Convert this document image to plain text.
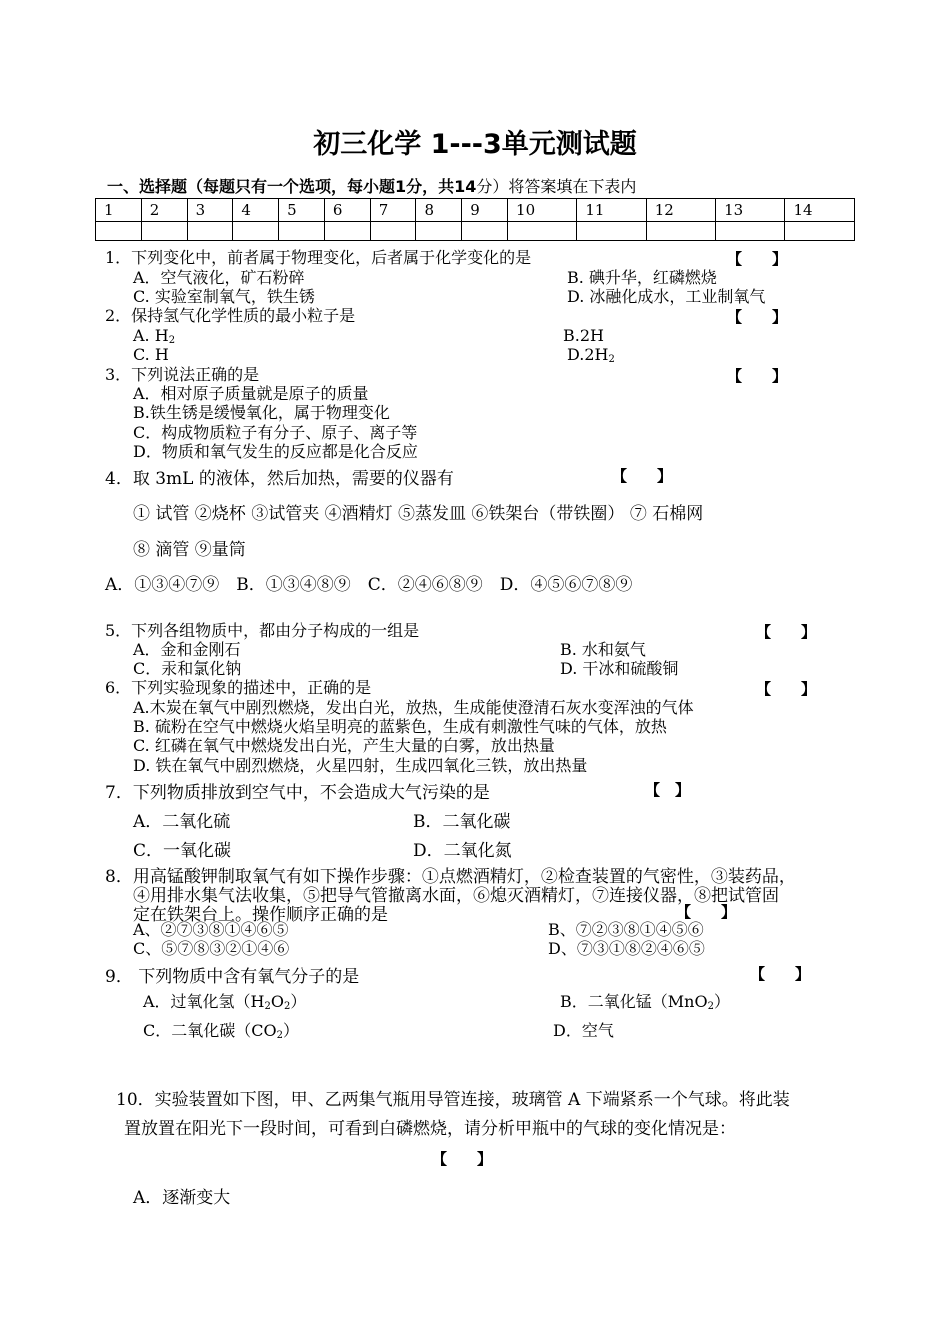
初三化学 1---3单元测试题
一、选择题（每题只有一个选项，每小题1分，共14分）将答案填在下表内
1	2	3	4	5	6	7	8	9	10	11	12	13	14

1．下列变化中，前者属于物理变化，后者属于化学变化的是	【　　】
A．空气液化，矿石粉碎	B. 碘升华，红磷燃烧
C. 实验室制氧气，铁生锈	D. 冰融化成水，工业制氧气
2．保持氢气化学性质的最小粒子是	【　　】
A. $H_2$	B.2H
C. H	$D.2H_2$
3．下列说法正确的是	【　　】
A．相对原子质量就是原子的质量
B.铁生锈是缓慢氧化，属于物理变化
C．构成物质粒子有分子、原子、离子等
D．物质和氧气发生的反应都是化合反应
4．取 3mL 的液体，然后加热，需要的仪器有	【　　】
① 试管 ②烧杯 ③试管夹 ④酒精灯 ⑤蒸发皿 ⑥铁架台（带铁圈） ⑦ 石棉网
⑧ 滴管 ⑨量筒
A．①③④⑦⑨　B．①③④⑧⑨　C．②④⑥⑧⑨　D．④⑤⑥⑦⑧⑨
5．下列各组物质中，都由分子构成的一组是	【　　】
A．金和金刚石	B. 水和氨气
C．汞和氯化钠	D. 干冰和硫酸铜
6．下列实验现象的描述中，正确的是	【　　】
A.木炭在氧气中剧烈燃烧，发出白光，放热，生成能使澄清石灰水变浑浊的气体
B. 硫粉在空气中燃烧火焰呈明亮的蓝紫色，生成有刺激性气味的气体，放热
C. 红磷在氧气中燃烧发出白光，产生大量的白雾，放出热量
D. 铁在氧气中剧烈燃烧，火星四射，生成四氧化三铁，放出热量
7．下列物质排放到空气中，不会造成大气污染的是	【　】
A．二氧化硫	B．二氧化碳
C．一氧化碳	D．二氧化氮
8．用高锰酸钾制取氧气有如下操作步骤：①点燃酒精灯，②检查装置的气密性，③装药品，
④用排水集气法收集，⑤把导气管撤离水面，⑥熄灭酒精灯，⑦连接仪器，⑧把试管固
定在铁架台上。操作顺序正确的是	【　　】
A、②⑦③⑧①④⑥⑤	B、⑦②③⑧①④⑤⑥
C、⑤⑦⑧③②①④⑥	D、⑦③①⑧②④⑥⑤
9． 下列物质中含有氧气分子的是	【　　】
A．过氧化氢$(H_2O_2)$	B．二氧化锰（MnO$_2$）
C．二氧化碳$(CO_2)$	D．空气
10．实验装置如下图，甲、乙两集气瓶用导管连接，玻璃管 A 下端紧系一个气球。将此装
置放置在阳光下一段时间，可看到白磷燃烧，请分析甲瓶中的气球的变化情况是：
【　　】
A．逐渐变大
